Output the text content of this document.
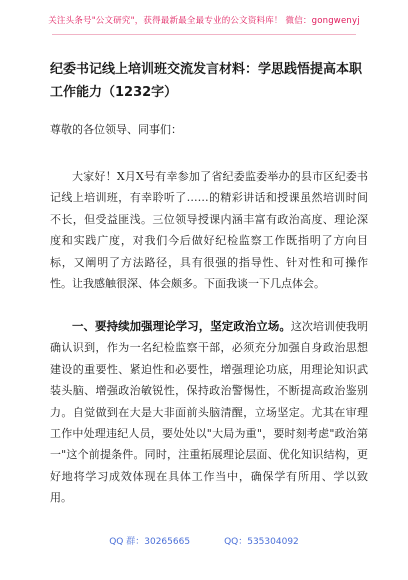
关注头条号"公文研究"，获得最新最全最专业的公文资料库！ 微信：gongwenyj
纪委书记线上培训班交流发言材料：学思践悟提高本职工作能力（1232字）

尊敬的各位领导、同事们：

大家好！X月X号有幸参加了省纪委监委举办的县市区纪委书记线上培训班，有幸聆听了……的精彩讲话和授课虽然培训时间不长，但受益匪浅。三位领导授课内涵丰富有政治高度、理论深度和实践广度，对我们今后做好纪检监察工作既指明了方向目标，又阐明了方法路径，具有很强的指导性、针对性和可操作性。让我感触很深、体会颇多。下面我谈一下几点体会。

一、要持续加强理论学习，坚定政治立场。这次培训使我明确认识到，作为一名纪检监察干部，必须充分加强自身政治思想建设的重要性、紧迫性和必要性，增强理论功底，用理论知识武装头脑、增强政治敏锐性，保持政治警惕性，不断提高政治鉴别力。自觉做到在大是大非面前头脑清醒，立场坚定。尤其在审理工作中处理违纪人员，要处处以"大局为重"，要时刻考虑"政治第一"这个前提条件。同时，注重拓展理论层面、优化知识结构，更好地将学习成效体现在具体工作当中，确保学有所用、学以致用。

QQ 群：30265665	QQ：535304092
